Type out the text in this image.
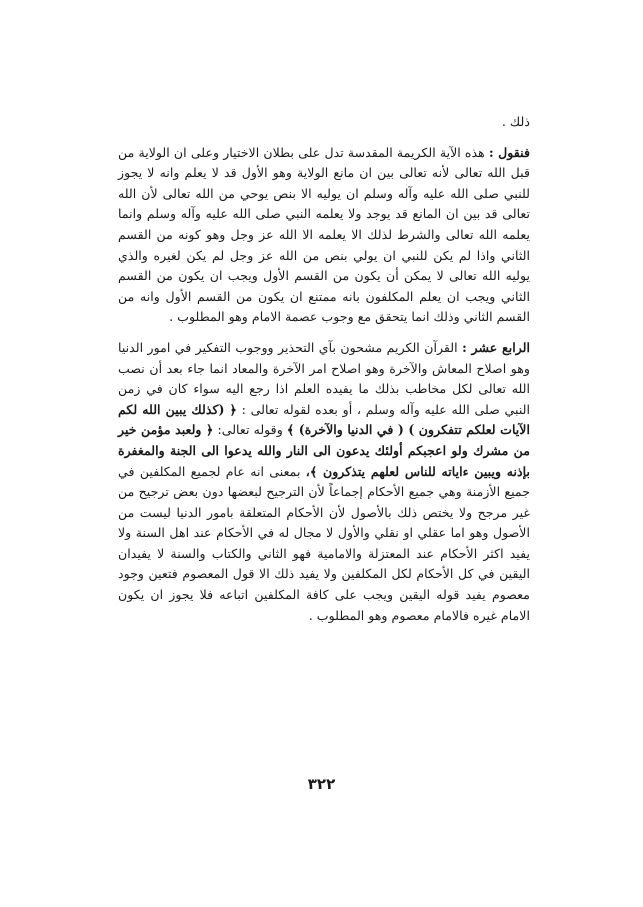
ذلك .

فنقول : هذه الآية الكريمة المقدسة تدل على بطلان الاختيار وعلى ان الولاية من قبل الله تعالى لأنه تعالى بين ان مانع الولاية وهو الأول قد لا يعلم وانه لا يجوز للنبي صلى الله عليه وآله وسلم ان يوليه الا بنص يوحي من الله تعالى لأن الله تعالى قد بين ان المانع قد يوجد ولا يعلمه النبي صلى الله عليه وآله وسلم وانما يعلمه الله تعالى والشرط لذلك الا يعلمه الا الله عز وجل وهو كونه من القسم الثاني واذا لم يكن للنبي ان يولي بنص من الله عز وجل لم يكن لغيره والذي يوليه الله تعالى لا يمكن أن يكون من القسم الأول ويجب ان يكون من القسم الثاني ويجب ان يعلم المكلفون بانه ممتنع ان يكون من القسم الأول وانه من القسم الثاني وذلك انما يتحقق مع وجوب عصمة الامام وهو المطلوب .

الرابع عشر : القرآن الكريم مشحون بآي التحذير ووجوب التفكير في امور الدنيا وهو اصلاح المعاش والآخرة وهو اصلاح امر الآخرة والمعاد انما جاء بعد أن نصب الله تعالى لكل مخاطب بذلك ما يفيده العلم اذا رجع اليه سواء كان في زمن النبي صلى الله عليه وآله وسلم ، أو بعده لقوله تعالى : ﴿ (كذلك يبين الله لكم الآيات لعلكم تتفكرون ) ( في الدنيا والآخرة) ﴾ وقوله تعالى: ﴿ ولعبد مؤمن خير من مشرك ولو اعجبكم أولئك يدعون الى النار والله يدعوا الى الجنة والمغفرة بإذنه ويبين ءاياته للناس لعلهم يتذكرون ﴾، بمعنى انه عام لجميع المكلفين في جميع الأزمنة وهي جميع الأحكام إجماعاً لأن الترجيح لبعضها دون بعض ترجيح من غير مرجح ولا يختص ذلك بالأصول لأن الأحكام المتعلقة بامور الدنيا ليست من الأصول وهو اما عقلي او نقلي والأول لا مجال له في الأحكام عند اهل السنة ولا يفيد اكثر الأحكام عند المعتزلة والامامية فهو الثاني والكتاب والسنة لا يفيدان اليقين في كل الأحكام لكل المكلفين ولا يفيد ذلك الا قول المعصوم فتعين وجود معصوم يفيد قوله اليقين ويجب على كافة المكلفين اتباعه فلا يجوز ان يكون الامام غيره فالامام معصوم وهو المطلوب .

٣٢٢
